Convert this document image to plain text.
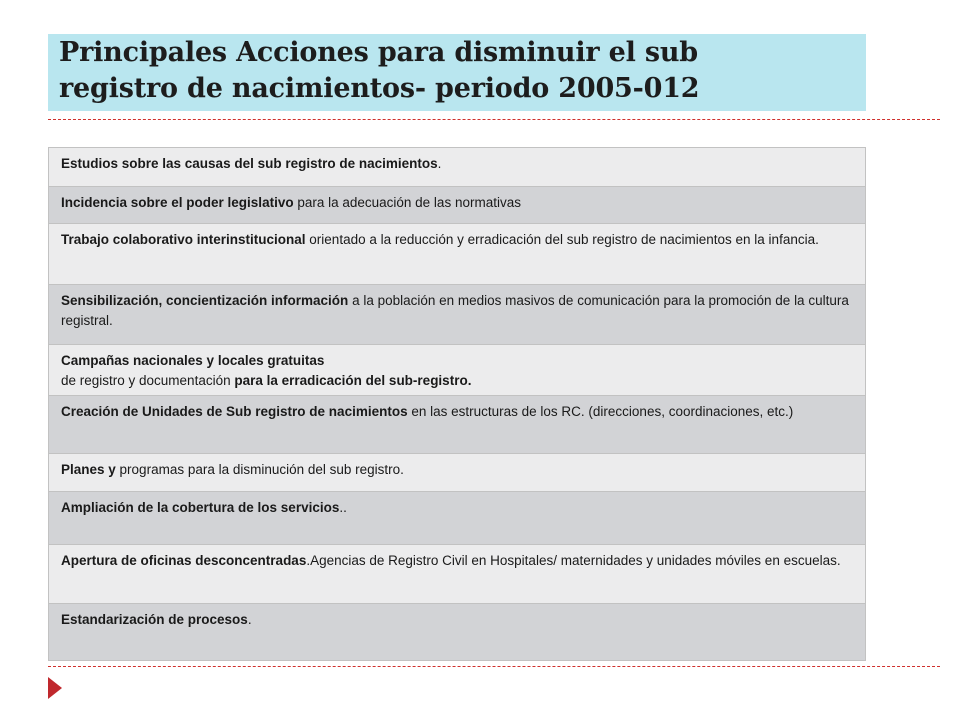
Principales Acciones para disminuir el sub
registro de nacimientos- periodo 2005-012
Estudios sobre las causas del sub registro de nacimientos.
Incidencia sobre el poder legislativo para la adecuación de las normativas
Trabajo colaborativo interinstitucional orientado a la reducción y erradicación del sub registro de nacimientos en la infancia.
Sensibilización, concientización información a la población en medios masivos de comunicación para la promoción de la cultura registral.

Campañas nacionales y locales gratuitas
de registro y documentación para la erradicación del sub-registro.
Creación de Unidades de Sub registro de nacimientos en las estructuras de los RC. (direcciones, coordinaciones, etc.)
Planes y programas para la disminución del sub registro.
Ampliación de la cobertura de los servicios..
Apertura de oficinas desconcentradas.Agencias de Registro Civil en Hospitales/ maternidades y unidades móviles en escuelas.
Estandarización de procesos.
